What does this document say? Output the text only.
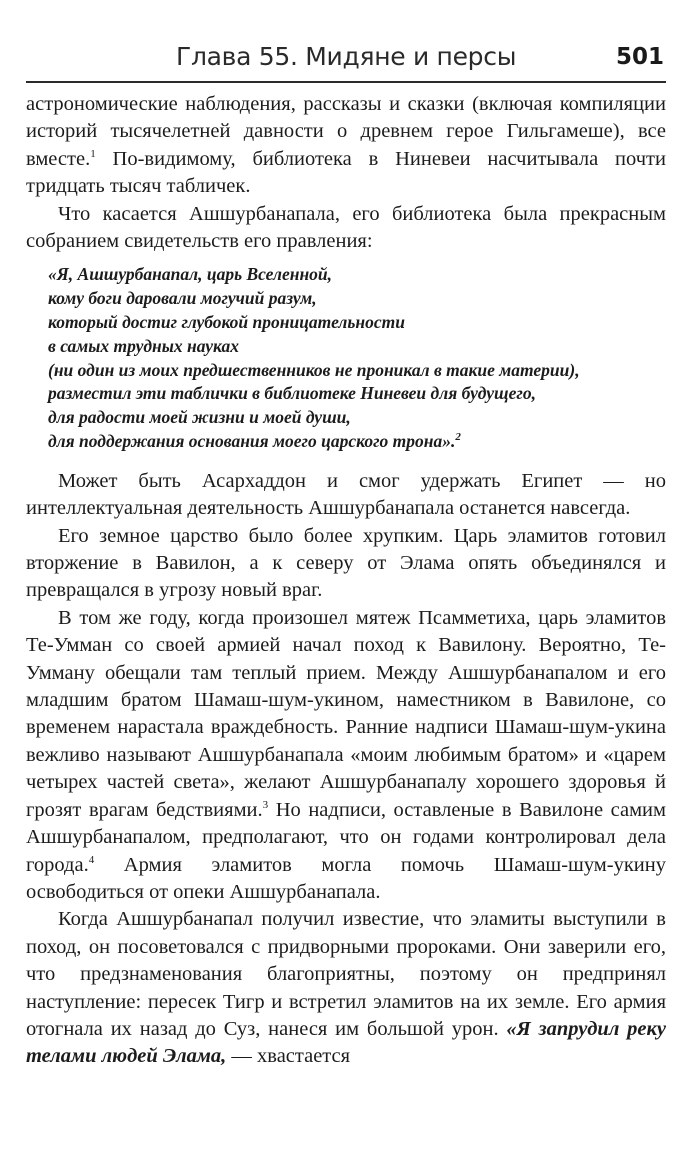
Глава 55. Мидяне и персы	501

астрономические наблюдения, рассказы и сказки (включая компиляции историй тысячелетней давности о древнем герое Гильгамеше), все вместе.$^1$ По-видимому, библиотека в Ниневеи насчитывала почти тридцать тысяч табличек.

Что касается Ашшурбанапала, его библиотека была прекрасным собранием свидетельств его правления:

«Я, Ашшурбанапал, царь Вселенной,
кому боги даровали могучий разум,
который достиг глубокой проницательности
в самых трудных науках
(ни один из моих предшественников не проникал в такие материи),
разместил эти таблички в библиотеке Ниневеи для будущего,
для радости моей жизни и моей души,
для поддержания основания моего царского трона».$^2$

Может быть Асархаддон и смог удержать Египет — но интеллектуальная деятельность Ашшурбанапала останется навсегда.

Его земное царство было более хрупким. Царь эламитов готовил вторжение в Вавилон, а к северу от Элама опять объединялся и превращался в угрозу новый враг.

В том же году, когда произошел мятеж Псамметиха, царь эламитов Те-Умман со своей армией начал поход к Вавилону. Вероятно, Те-Умману обещали там теплый прием. Между Ашшурбанапалом и его младшим братом Шамаш-шум-укином, наместником в Вавилоне, со временем нарастала враждебность. Ранние надписи Шамаш-шум-укина вежливо называют Ашшурбанапала «моим любимым братом» и «царем четырех частей света», желают Ашшурбанапалу хорошего здоровья й грозят врагам бедствиями.$^3$ Но надписи, оставленые в Вавилоне самим Ашшурбанапалом, предполагают, что он годами контролировал дела города.$^4$ Армия эламитов могла помочь Шамаш-шум-укину освободиться от опеки Ашшурбанапала.

Когда Ашшурбанапал получил известие, что эламиты выступили в поход, он посоветовался с придворными пророками. Они заверили его, что предзнаменования благоприятны, поэтому он предпринял наступление: пересек Тигр и встретил эламитов на их земле. Его армия отогнала их назад до Суз, нанеся им большой урон. «Я запрудил реку телами людей Элама, — хвастается
